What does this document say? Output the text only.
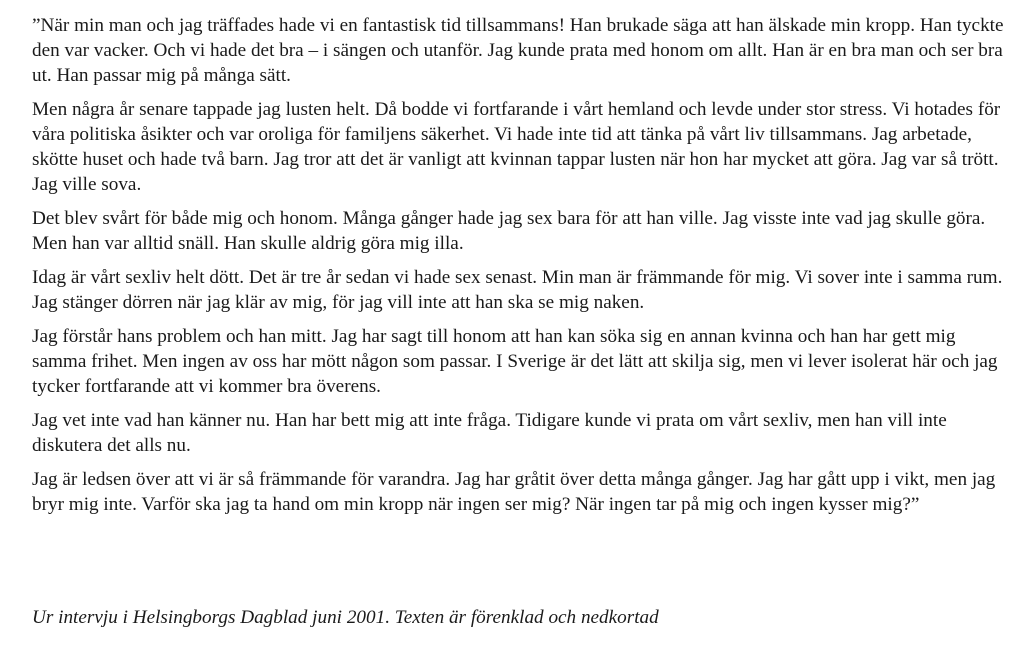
”När min man och jag träffades hade vi en fantastisk tid tillsammans! Han brukade säga att han älskade min kropp. Han tyckte den var vacker. Och vi hade det bra – i sängen och utanför. Jag kunde prata med honom om allt. Han är en bra man och ser bra ut. Han passar mig på många sätt.

Men några år senare tappade jag lusten helt. Då bodde vi fortfarande i vårt hemland och levde under stor stress. Vi hotades för våra politiska åsikter och var oroliga för familjens säkerhet. Vi hade inte tid att tänka på vårt liv tillsammans. Jag arbetade, skötte huset och hade två barn. Jag tror att det är vanligt att kvinnan tappar lusten när hon har mycket att göra. Jag var så trött. Jag ville sova.

Det blev svårt för både mig och honom. Många gånger hade jag sex bara för att han ville. Jag visste inte vad jag skulle göra. Men han var alltid snäll. Han skulle aldrig göra mig illa.

Idag är vårt sexliv helt dött. Det är tre år sedan vi hade sex senast. Min man är främmande för mig. Vi sover inte i samma rum. Jag stänger dörren när jag klär av mig, för jag vill inte att han ska se mig naken.

Jag förstår hans problem och han mitt. Jag har sagt till honom att han kan söka sig en annan kvinna och han har gett mig samma frihet. Men ingen av oss har mött någon som passar. I Sverige är det lätt att skilja sig, men vi lever isolerat här och jag tycker fortfarande att vi kommer bra överens.

Jag vet inte vad han känner nu. Han har bett mig att inte fråga. Tidigare kunde vi prata om vårt sexliv, men han vill inte diskutera det alls nu.

Jag är ledsen över att vi är så främmande för varandra. Jag har gråtit över detta många gånger. Jag har gått upp i vikt, men jag bryr mig inte. Varför ska jag ta hand om min kropp när ingen ser mig? När ingen tar på mig och ingen kysser mig?”

Ur intervju i Helsingborgs Dagblad juni 2001. Texten är förenklad och nedkortad
